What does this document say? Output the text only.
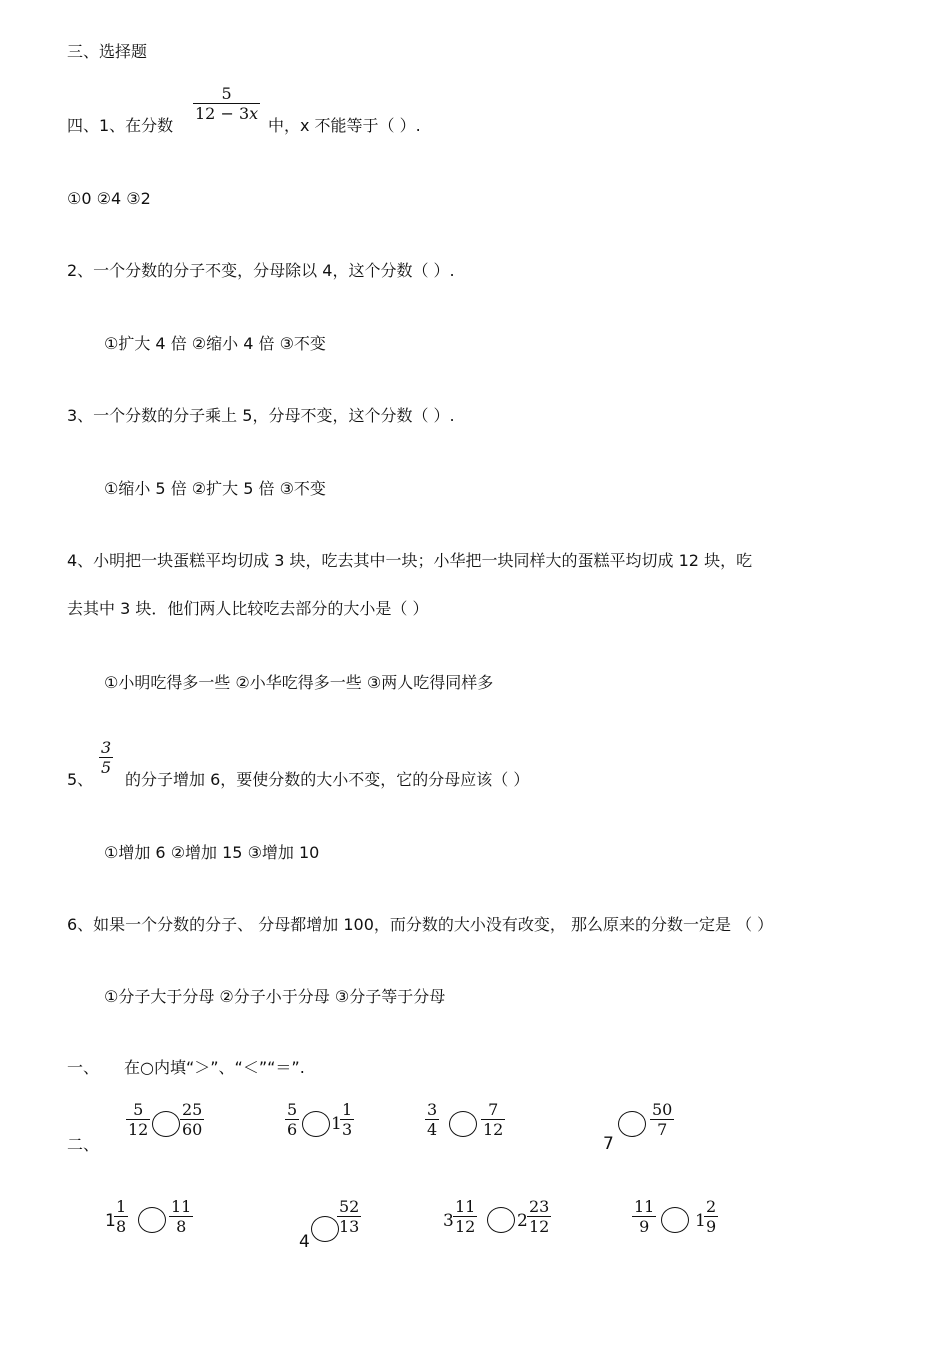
三、选择题
四、1、在分数
5
12 − 3x
中，x 不能等于（ ）.
①0 ②4 ③2
2、一个分数的分子不变，分母除以 4，这个分数（ ）.
①扩大 4 倍 ②缩小 4 倍 ③不变
3、一个分数的分子乘上 5，分母不变，这个分数（ ）.
①缩小 5 倍 ②扩大 5 倍 ③不变
4、小明把一块蛋糕平均切成 3 块，吃去其中一块；小华把一块同样大的蛋糕平均切成 12 块，吃
去其中 3 块．他们两人比较吃去部分的大小是（ ）
①小明吃得多一些 ②小华吃得多一些 ③两人吃得同样多
5、
3
5
的分子增加 6，要使分数的大小不变，它的分母应该（ ）
①增加 6 ②增加 15 ③增加 10
6、如果一个分数的分子、 分母都增加 100，而分数的大小没有改变， 那么原来的分数一定是 （ ）
①分子大于分母 ②分子小于分母 ③分子等于分母
一、 在○内填“＞”、“＜”“＝”.
二、
5
12
25
60
5
6 1
1
3
3
4
7
12
7
50
7
1
1
8
11
8
4
52
13	3
11
12 2
23
12
11
9	1
2
9
